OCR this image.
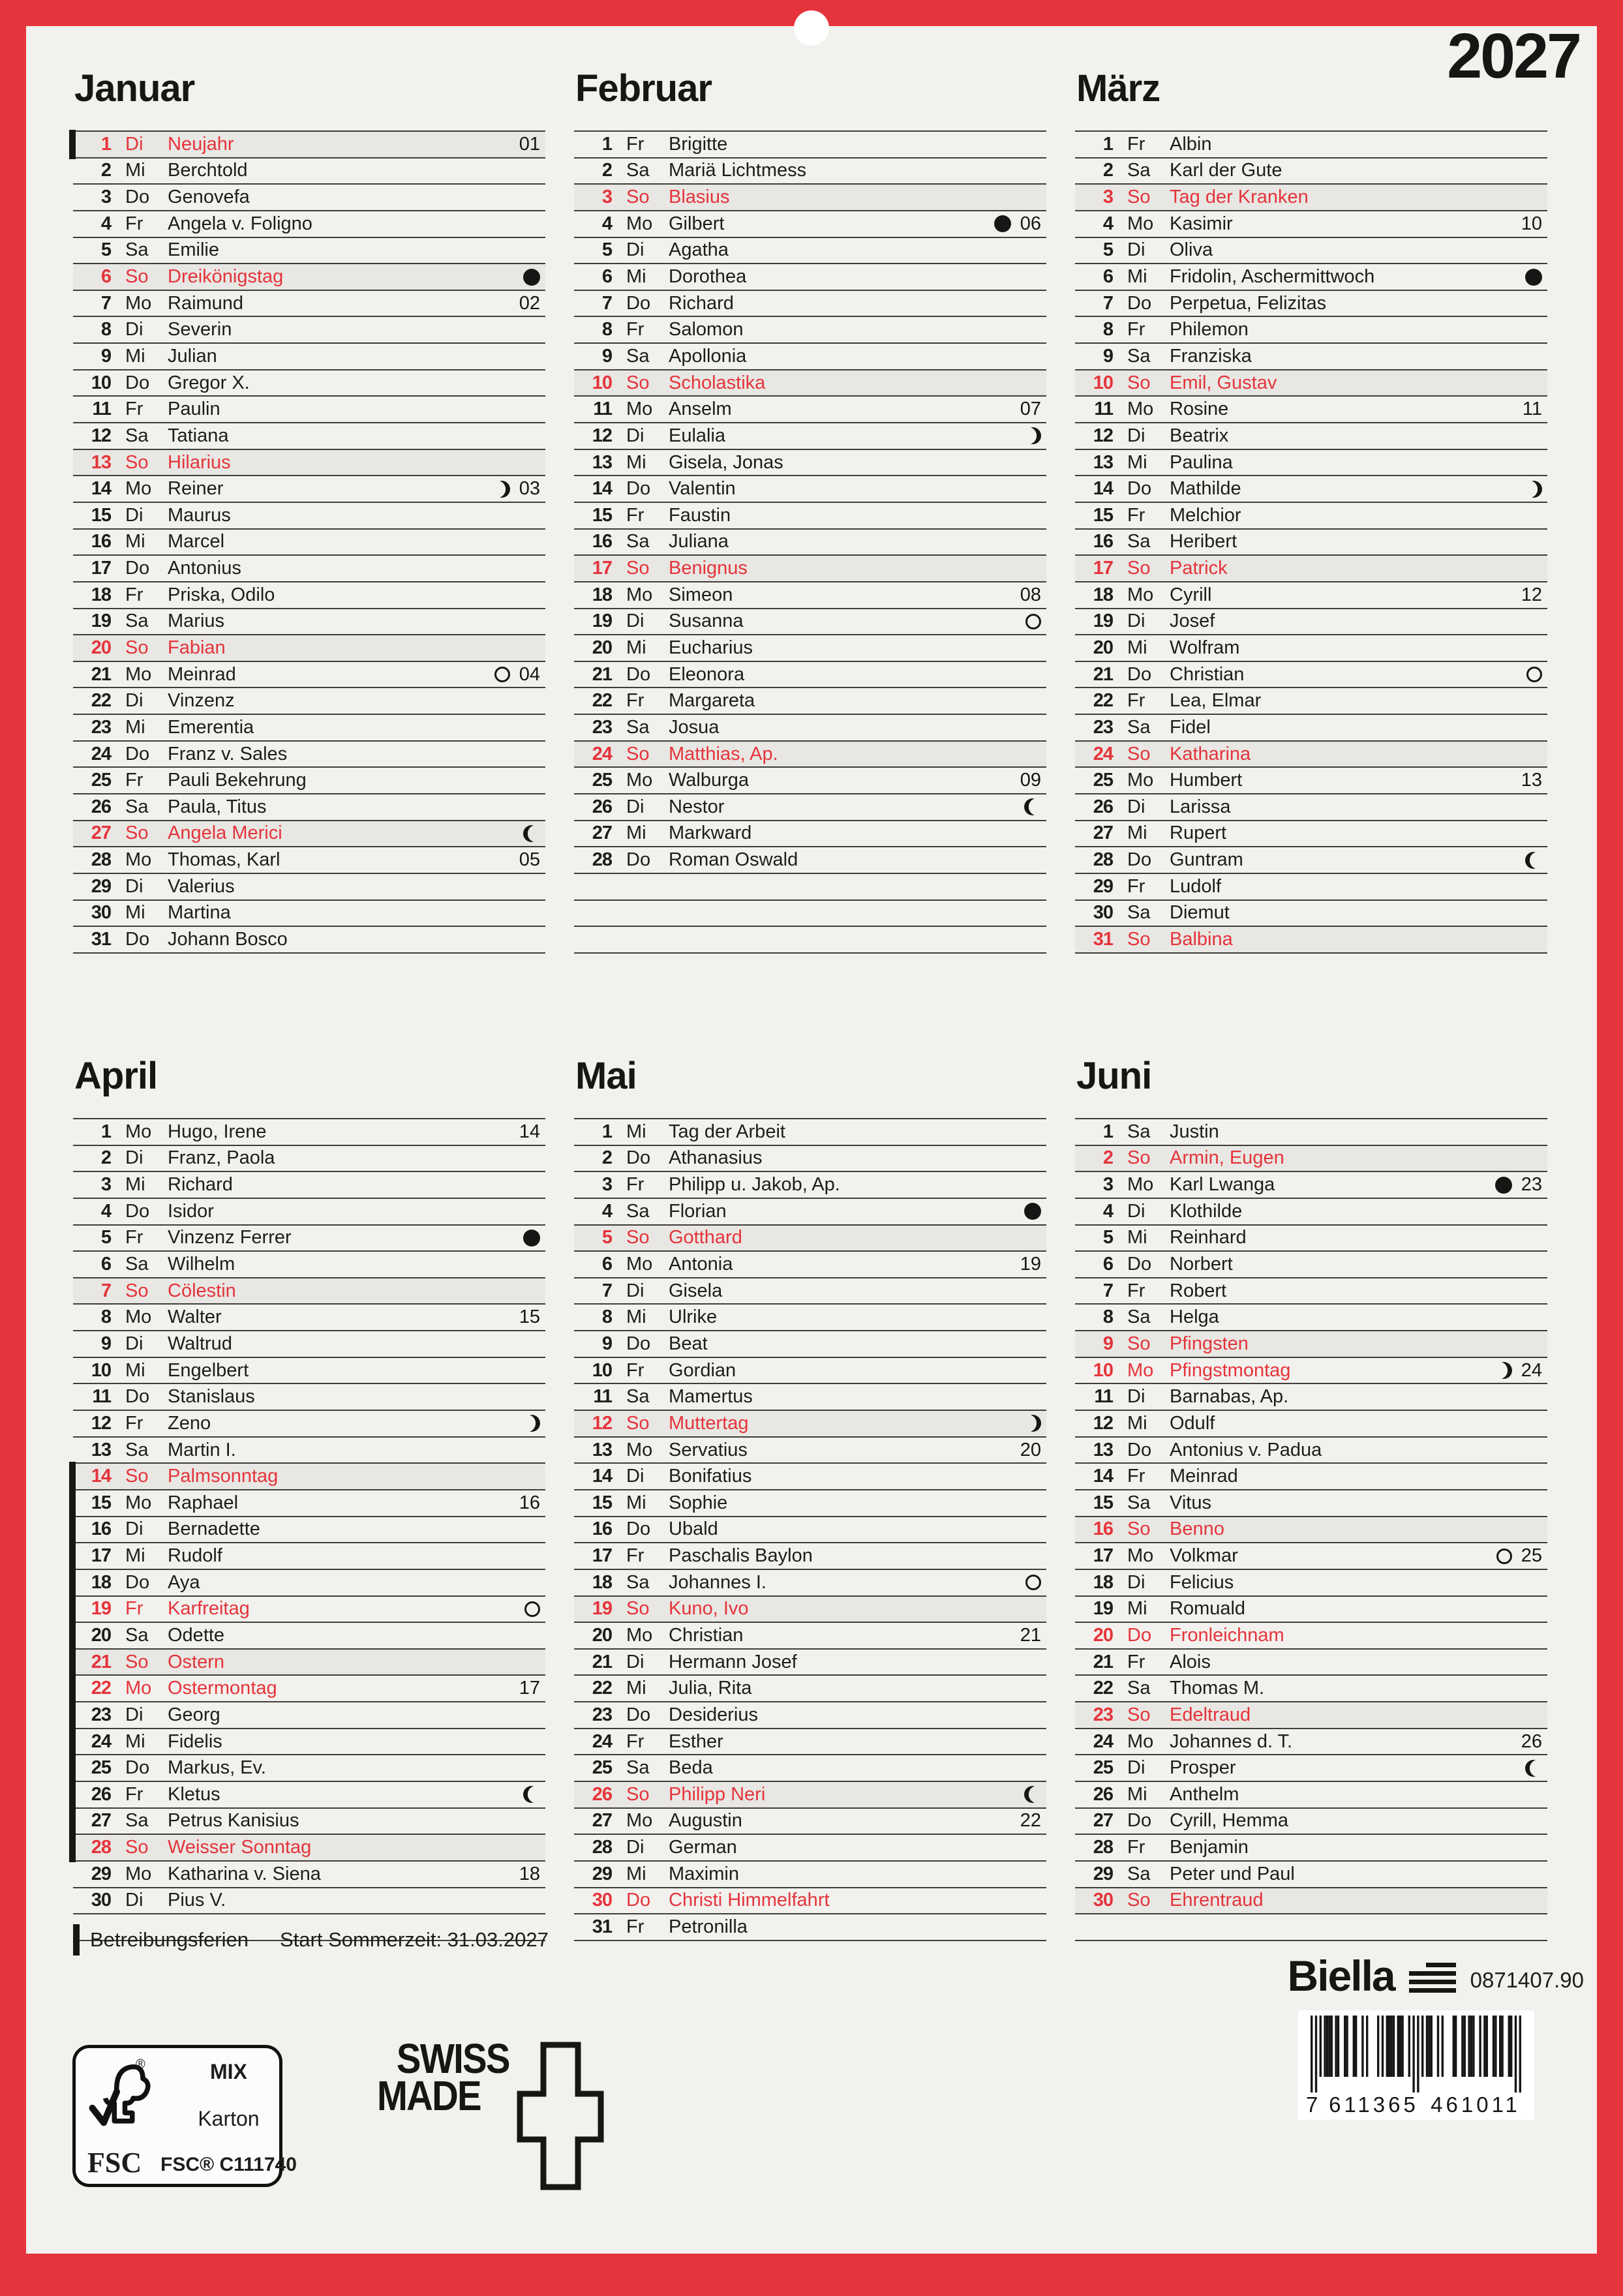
2027
Januar
1 Di	Neujahr	01
2 Mi	Berchtold
3 Do Genovefa
4 Fr	Angela v. Foligno
5 Sa	Emilie
6 So	Dreikönigstag
7 Mo Raimund	02
8 Di	Severin
9 Mi	Julian
10 Do Gregor X.
11 Fr	Paulin
12 Sa	Tatiana
13 So	Hilarius
14 Mo Reiner	03
15 Di	Maurus
16 Mi	Marcel
17 Do Antonius
18 Fr	Priska, Odilo
19 Sa	Marius
20 So	Fabian
21 Mo Meinrad	04
22 Di	Vinzenz
23 Mi	Emerentia
24 Do Franz v. Sales
25 Fr	Pauli Bekehrung
26 Sa	Paula, Titus
27 So	Angela Merici
28 Mo Thomas, Karl	05
29 Di	Valerius
30 Mi	Martina
31 Do Johann Bosco
Februar
1 Fr	Brigitte
2 Sa	Mariä Lichtmess
3 So	Blasius
4 Mo Gilbert	06
5 Di	Agatha
6 Mi	Dorothea
7 Do Richard
8 Fr	Salomon
9 Sa	Apollonia
10 So	Scholastika
11 Mo Anselm	07
12 Di	Eulalia
13 Mi	Gisela, Jonas
14 Do Valentin
15 Fr	Faustin
16 Sa	Juliana
17 So	Benignus
18 Mo Simeon	08
19 Di	Susanna
20 Mi	Eucharius
21 Do Eleonora
22 Fr	Margareta
23 Sa	Josua
24 So	Matthias, Ap.
25 Mo Walburga	09
26 Di	Nestor
27 Mi	Markward
28 Do Roman Oswald
März
1 Fr	Albin
2 Sa	Karl der Gute
3 So	Tag der Kranken
4 Mo Kasimir	10
5 Di	Oliva
6 Mi	Fridolin, Aschermittwoch
7 Do Perpetua, Felizitas
8 Fr	Philemon
9 Sa	Franziska
10 So	Emil, Gustav
11 Mo Rosine	11
12 Di	Beatrix
13 Mi	Paulina
14 Do Mathilde
15 Fr	Melchior
16 Sa	Heribert
17 So	Patrick
18 Mo Cyrill	12
19 Di	Josef
20 Mi	Wolfram
21 Do Christian
22 Fr	Lea, Elmar
23 Sa	Fidel
24 So	Katharina
25 Mo Humbert	13
26 Di	Larissa
27 Mi	Rupert
28 Do Guntram
29 Fr	Ludolf
30 Sa	Diemut
31 So	Balbina
April
1 Mo Hugo, Irene	14
2 Di	Franz, Paola
3 Mi	Richard
4 Do Isidor
5 Fr	Vinzenz Ferrer
6 Sa	Wilhelm
7 So	Cölestin
8 Mo Walter	15
9 Di	Waltrud
10 Mi	Engelbert
11 Do Stanislaus
12 Fr	Zeno
13 Sa	Martin I.
14 So	Palmsonntag
15 Mo Raphael	16
16 Di	Bernadette
17 Mi	Rudolf
18 Do Aya
19 Fr	Karfreitag
20 Sa	Odette
21 So	Ostern
22 Mo Ostermontag	17
23 Di	Georg
24 Mi	Fidelis
25 Do Markus, Ev.
26 Fr	Kletus
27 Sa	Petrus Kanisius
28 So	Weisser Sonntag
29 Mo Katharina v. Siena	18
30 Di	Pius V.
Mai
1 Mi	Tag der Arbeit
2 Do Athanasius
3 Fr	Philipp u. Jakob, Ap.
4 Sa	Florian
5 So	Gotthard
6 Mo Antonia	19
7 Di	Gisela
8 Mi	Ulrike
9 Do Beat
10 Fr	Gordian
11 Sa	Mamertus
12 So	Muttertag
13 Mo Servatius	20
14 Di	Bonifatius
15 Mi	Sophie
16 Do Ubald
17 Fr	Paschalis Baylon
18 Sa	Johannes I.
19 So	Kuno, Ivo
20 Mo Christian	21
21 Di	Hermann Josef
22 Mi	Julia, Rita
23 Do Desiderius
24 Fr	Esther
25 Sa	Beda
26 So	Philipp Neri
27 Mo Augustin	22
28 Di	German
29 Mi	Maximin
30 Do Christi Himmelfahrt
31 Fr	Petronilla
Juni
1 Sa	Justin
2 So	Armin, Eugen
3 Mo Karl Lwanga	23
4 Di	Klothilde
5 Mi	Reinhard
6 Do Norbert
7 Fr	Robert
8 Sa	Helga
9 So	Pfingsten
10 Mo Pfingstmontag	24
11 Di	Barnabas, Ap.
12 Mi	Odulf
13 Do Antonius v. Padua
14 Fr	Meinrad
15 Sa	Vitus
16 So	Benno
17 Mo Volkmar	25
18 Di	Felicius
19 Mi	Romuald
20 Do Fronleichnam
21 Fr	Alois
22 Sa	Thomas M.
23 So	Edeltraud
24 Mo Johannes d. T.	26
25 Di	Prosper
26 Mi	Anthelm
27 Do Cyrill, Hemma
28 Fr	Benjamin
29 Sa	Peter und Paul
30 So	Ehrentraud
Betreibungsferien Start Sommerzeit: 31.03.2027
Biella	0871407.90
7 611365 461011
®
FSC
MIX
Karton
FSC® C111740
SWISS
MADE
